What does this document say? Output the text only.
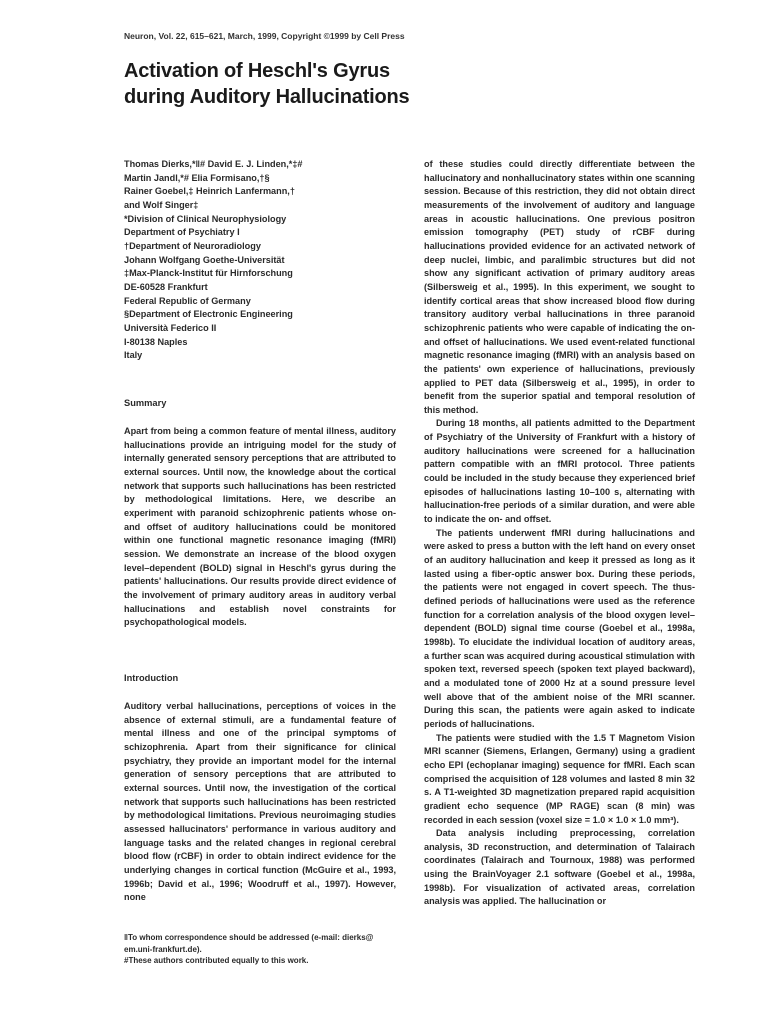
Neuron, Vol. 22, 615–621, March, 1999, Copyright ©1999 by Cell Press
Activation of Heschl's Gyrus
during Auditory Hallucinations
Thomas Dierks,*‖# David E. J. Linden,*‡#
Martin Jandl,*# Elia Formisano,†§
Rainer Goebel,‡ Heinrich Lanfermann,†
and Wolf Singer‡
*Division of Clinical Neurophysiology
Department of Psychiatry I
†Department of Neuroradiology
Johann Wolfgang Goethe-Universität
‡Max-Planck-Institut für Hirnforschung
DE-60528 Frankfurt
Federal Republic of Germany
§Department of Electronic Engineering
Università Federico II
I-80138 Naples
Italy
Summary

Apart from being a common feature of mental illness, auditory hallucinations provide an intriguing model for the study of internally generated sensory perceptions that are attributed to external sources. Until now, the knowledge about the cortical network that supports such hallucinations has been restricted by methodological limitations. Here, we describe an experiment with paranoid schizophrenic patients whose on- and offset of auditory hallucinations could be monitored within one functional magnetic resonance imaging (fMRI) session. We demonstrate an increase of the blood oxygen level–dependent (BOLD) signal in Heschl's gyrus during the patients' hallucinations. Our results provide direct evidence of the involvement of primary auditory areas in auditory verbal hallucinations and establish novel constraints for psychopathological models.

Introduction

Auditory verbal hallucinations, perceptions of voices in the absence of external stimuli, are a fundamental feature of mental illness and one of the principal symptoms of schizophrenia. Apart from their significance for clinical psychiatry, they provide an important model for the internal generation of sensory perceptions that are attributed to external sources. Until now, the investigation of the cortical network that supports such hallucinations has been restricted by methodological limitations. Previous neuroimaging studies assessed hallucinators' performance in various auditory and language tasks and the related changes in regional cerebral blood flow (rCBF) in order to obtain indirect evidence for the underlying changes in cortical function (McGuire et al., 1993, 1996b; David et al., 1996; Woodruff et al., 1997). However, none

of these studies could directly differentiate between the hallucinatory and nonhallucinatory states within one scanning session. Because of this restriction, they did not obtain direct measurements of the involvement of auditory and language areas in acoustic hallucinations. One previous positron emission tomography (PET) study of rCBF during hallucinations provided evidence for an activated network of deep nuclei, limbic, and paralimbic structures but did not show any significant activation of primary auditory areas (Silbersweig et al., 1995). In this experiment, we sought to identify cortical areas that show increased blood flow during transitory auditory verbal hallucinations in three paranoid schizophrenic patients who were capable of indicating the on- and offset of hallucinations. We used event-related functional magnetic resonance imaging (fMRI) with an analysis based on the patients' own experience of hallucinations, previously applied to PET data (Silbersweig et al., 1995), in order to benefit from the superior spatial and temporal resolution of this method.

During 18 months, all patients admitted to the Department of Psychiatry of the University of Frankfurt with a history of auditory hallucinations were screened for a hallucination pattern compatible with an fMRI protocol. Three patients could be included in the study because they experienced brief episodes of hallucinations lasting 10–100 s, alternating with hallucination-free periods of a similar duration, and were able to indicate the on- and offset.

The patients underwent fMRI during hallucinations and were asked to press a button with the left hand on every onset of an auditory hallucination and keep it pressed as long as it lasted using a fiber-optic answer box. During these periods, the patients were not engaged in covert speech. The thus-defined periods of hallucinations were used as the reference function for a correlation analysis of the blood oxygen level–dependent (BOLD) signal time course (Goebel et al., 1998a, 1998b). To elucidate the individual location of auditory areas, a further scan was acquired during acoustical stimulation with spoken text, reversed speech (spoken text played backward), and a modulated tone of 2000 Hz at a sound pressure level well above that of the ambient noise of the MRI scanner. During this scan, the patients were again asked to indicate periods of hallucinations.

The patients were studied with the 1.5 T Magnetom Vision MRI scanner (Siemens, Erlangen, Germany) using a gradient echo EPI (echoplanar imaging) sequence for fMRI. Each scan comprised the acquisition of 128 volumes and lasted 8 min 32 s. A T1-weighted 3D magnetization prepared rapid acquisition gradient echo sequence (MP RAGE) scan (8 min) was recorded in each session (voxel size = 1.0 × 1.0 × 1.0 mm³).

Data analysis including preprocessing, correlation analysis, 3D reconstruction, and determination of Talairach coordinates (Talairach and Tournoux, 1988) was performed using the BrainVoyager 2.1 software (Goebel et al., 1998a, 1998b). For visualization of activated areas, correlation analysis was applied. The hallucination or

‖To whom correspondence should be addressed (e-mail: dierks@
em.uni-frankfurt.de).
#These authors contributed equally to this work.
